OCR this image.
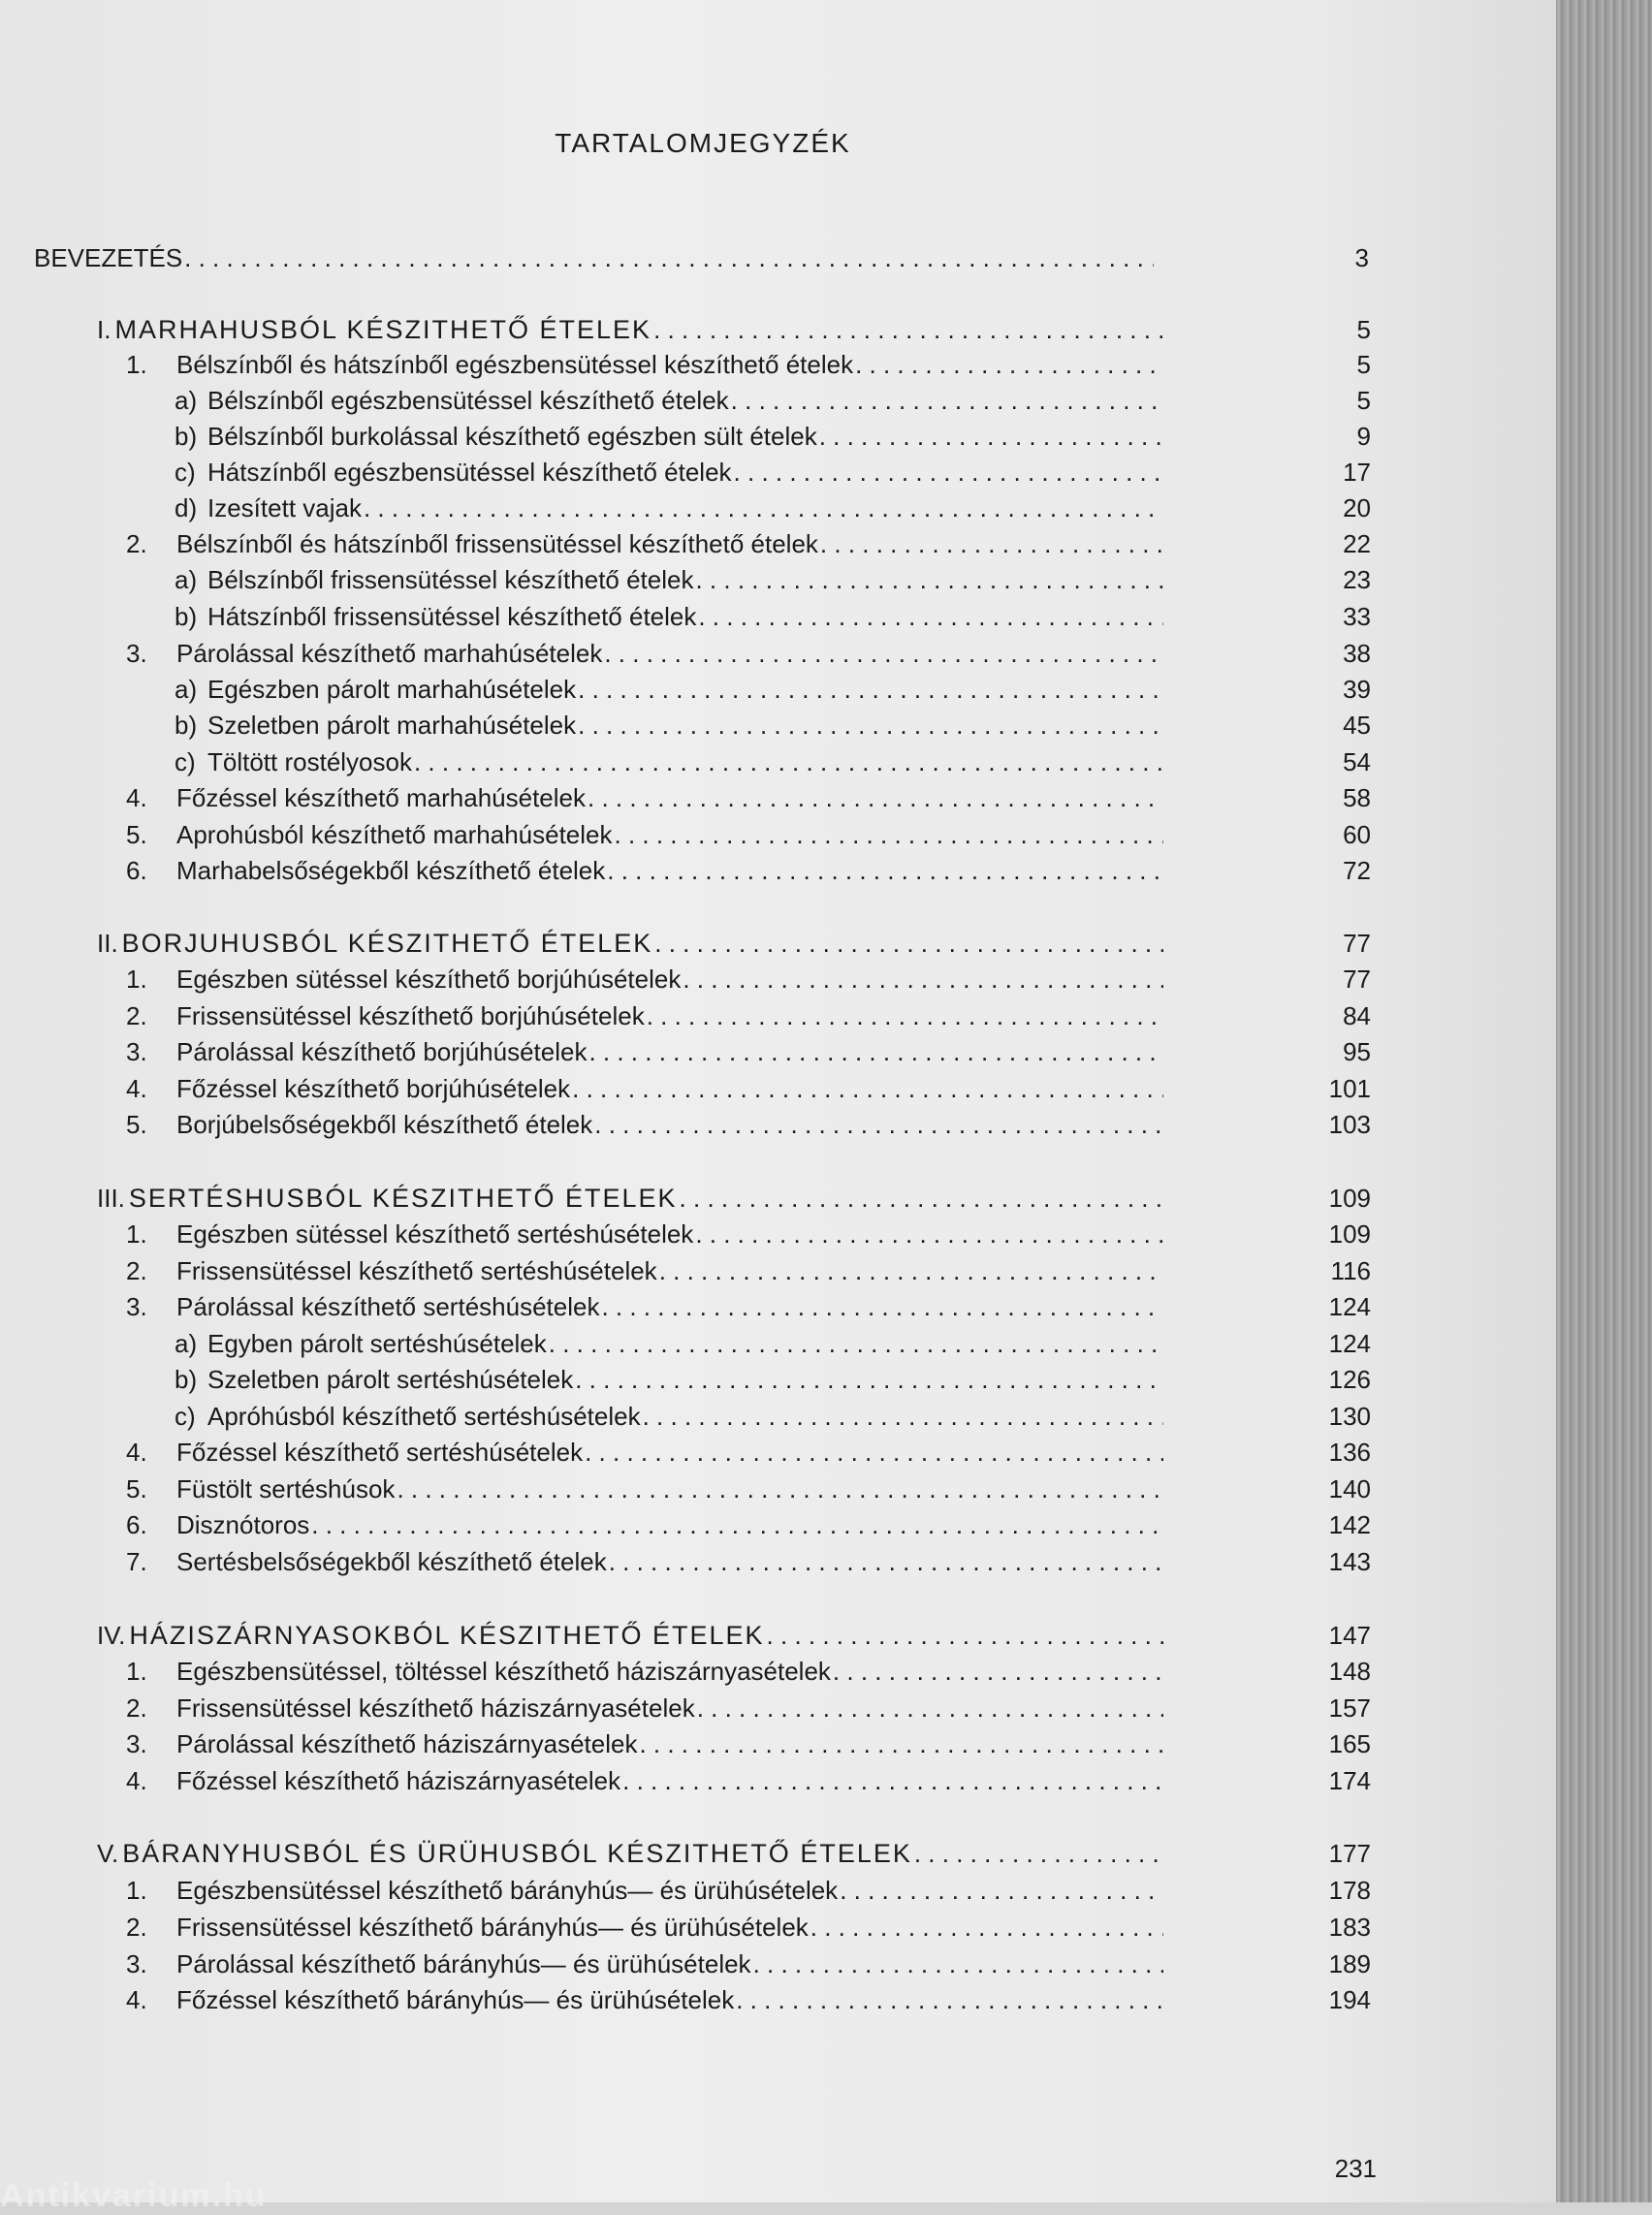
TARTALOMJEGYZÉK
BEVEZETÉS . . .	3
I. MARHAHUSBÓL KÉSZITHETŐ ÉTELEK . . .	5
1.	Bélszínből és hátszínből egészbensütéssel készíthető ételek . . .	5
a) Bélszínből egészbensütéssel készíthető ételek . . .	5
b) Bélszínből burkolással készíthető egészben sült ételek . . .	9
c) Hátszínből egészbensütéssel készíthető ételek . . .	17
d) Izesített vajak . . .	20
2.	Bélszínből és hátszínből frissensütéssel készíthető ételek . . .	22
a) Bélszínből frissensütéssel készíthető ételek . . .	23
b) Hátszínből frissensütéssel készíthető ételek . . .	33
3.	Párolással készíthető marhahúsételek . . .	38
a) Egészben párolt marhahúsételek . . .	39
b) Szeletben párolt marhahúsételek . . .	45
c) Töltött rostélyosok . . .	54
4.	Főzéssel készíthető marhahúsételek . . .	58
5.	Aprohúsból készíthető marhahúsételek . . .	60
6.	Marhabelsőségekből készíthető ételek . . .	72
II. BORJUHUSBÓL KÉSZITHETŐ ÉTELEK . . .	77
1.	Egészben sütéssel készíthető borjúhúsételek . . .	77
2.	Frissensütéssel készíthető borjúhúsételek . . .	84
3.	Párolással készíthető borjúhúsételek . . .	95
4.	Főzéssel készíthető borjúhúsételek . . .	101
5.	Borjúbelsőségekből készíthető ételek . . .	103
III. SERTÉSHUSBÓL KÉSZITHETŐ ÉTELEK . . .	109
1.	Egészben sütéssel készíthető sertéshúsételek . . .	109
2.	Frissensütéssel készíthető sertéshúsételek . . .	116
3.	Párolással készíthető sertéshúsételek . . .	124
a) Egyben párolt sertéshúsételek . . .	124
b) Szeletben párolt sertéshúsételek . . .	126
c) Apróhúsból készíthető sertéshúsételek . . .	130
4.	Főzéssel készíthető sertéshúsételek . . .	136
5.	Füstölt sertéshúsok . . .	140
6.	Disznótoros . . .	142
7.	Sertésbelsőségekből készíthető ételek . . .	143
IV. HÁZISZÁRNYASOKBÓL KÉSZITHETŐ ÉTELEK . . .	147
1.	Egészbensütéssel, töltéssel készíthető háziszárnyasételek . . .	148
2.	Frissensütéssel készíthető háziszárnyasételek . . .	157
3.	Párolással készíthető háziszárnyasételek . . .	165
4.	Főzéssel készíthető háziszárnyasételek . . .	174
V. BÁRANYHUSBÓL ÉS ÜRÜHUSBÓL KÉSZITHETŐ ÉTELEK . . .	177
1.	Egészbensütéssel készíthető bárányhús— és ürühúsételek . . .	178
2.	Frissensütéssel készíthető bárányhús— és ürühúsételek . . .	183
3.	Párolással készíthető bárányhús— és ürühúsételek . . .	189
4.	Főzéssel készíthető bárányhús— és ürühúsételek . . .	194
231
Antikvarium.hu
